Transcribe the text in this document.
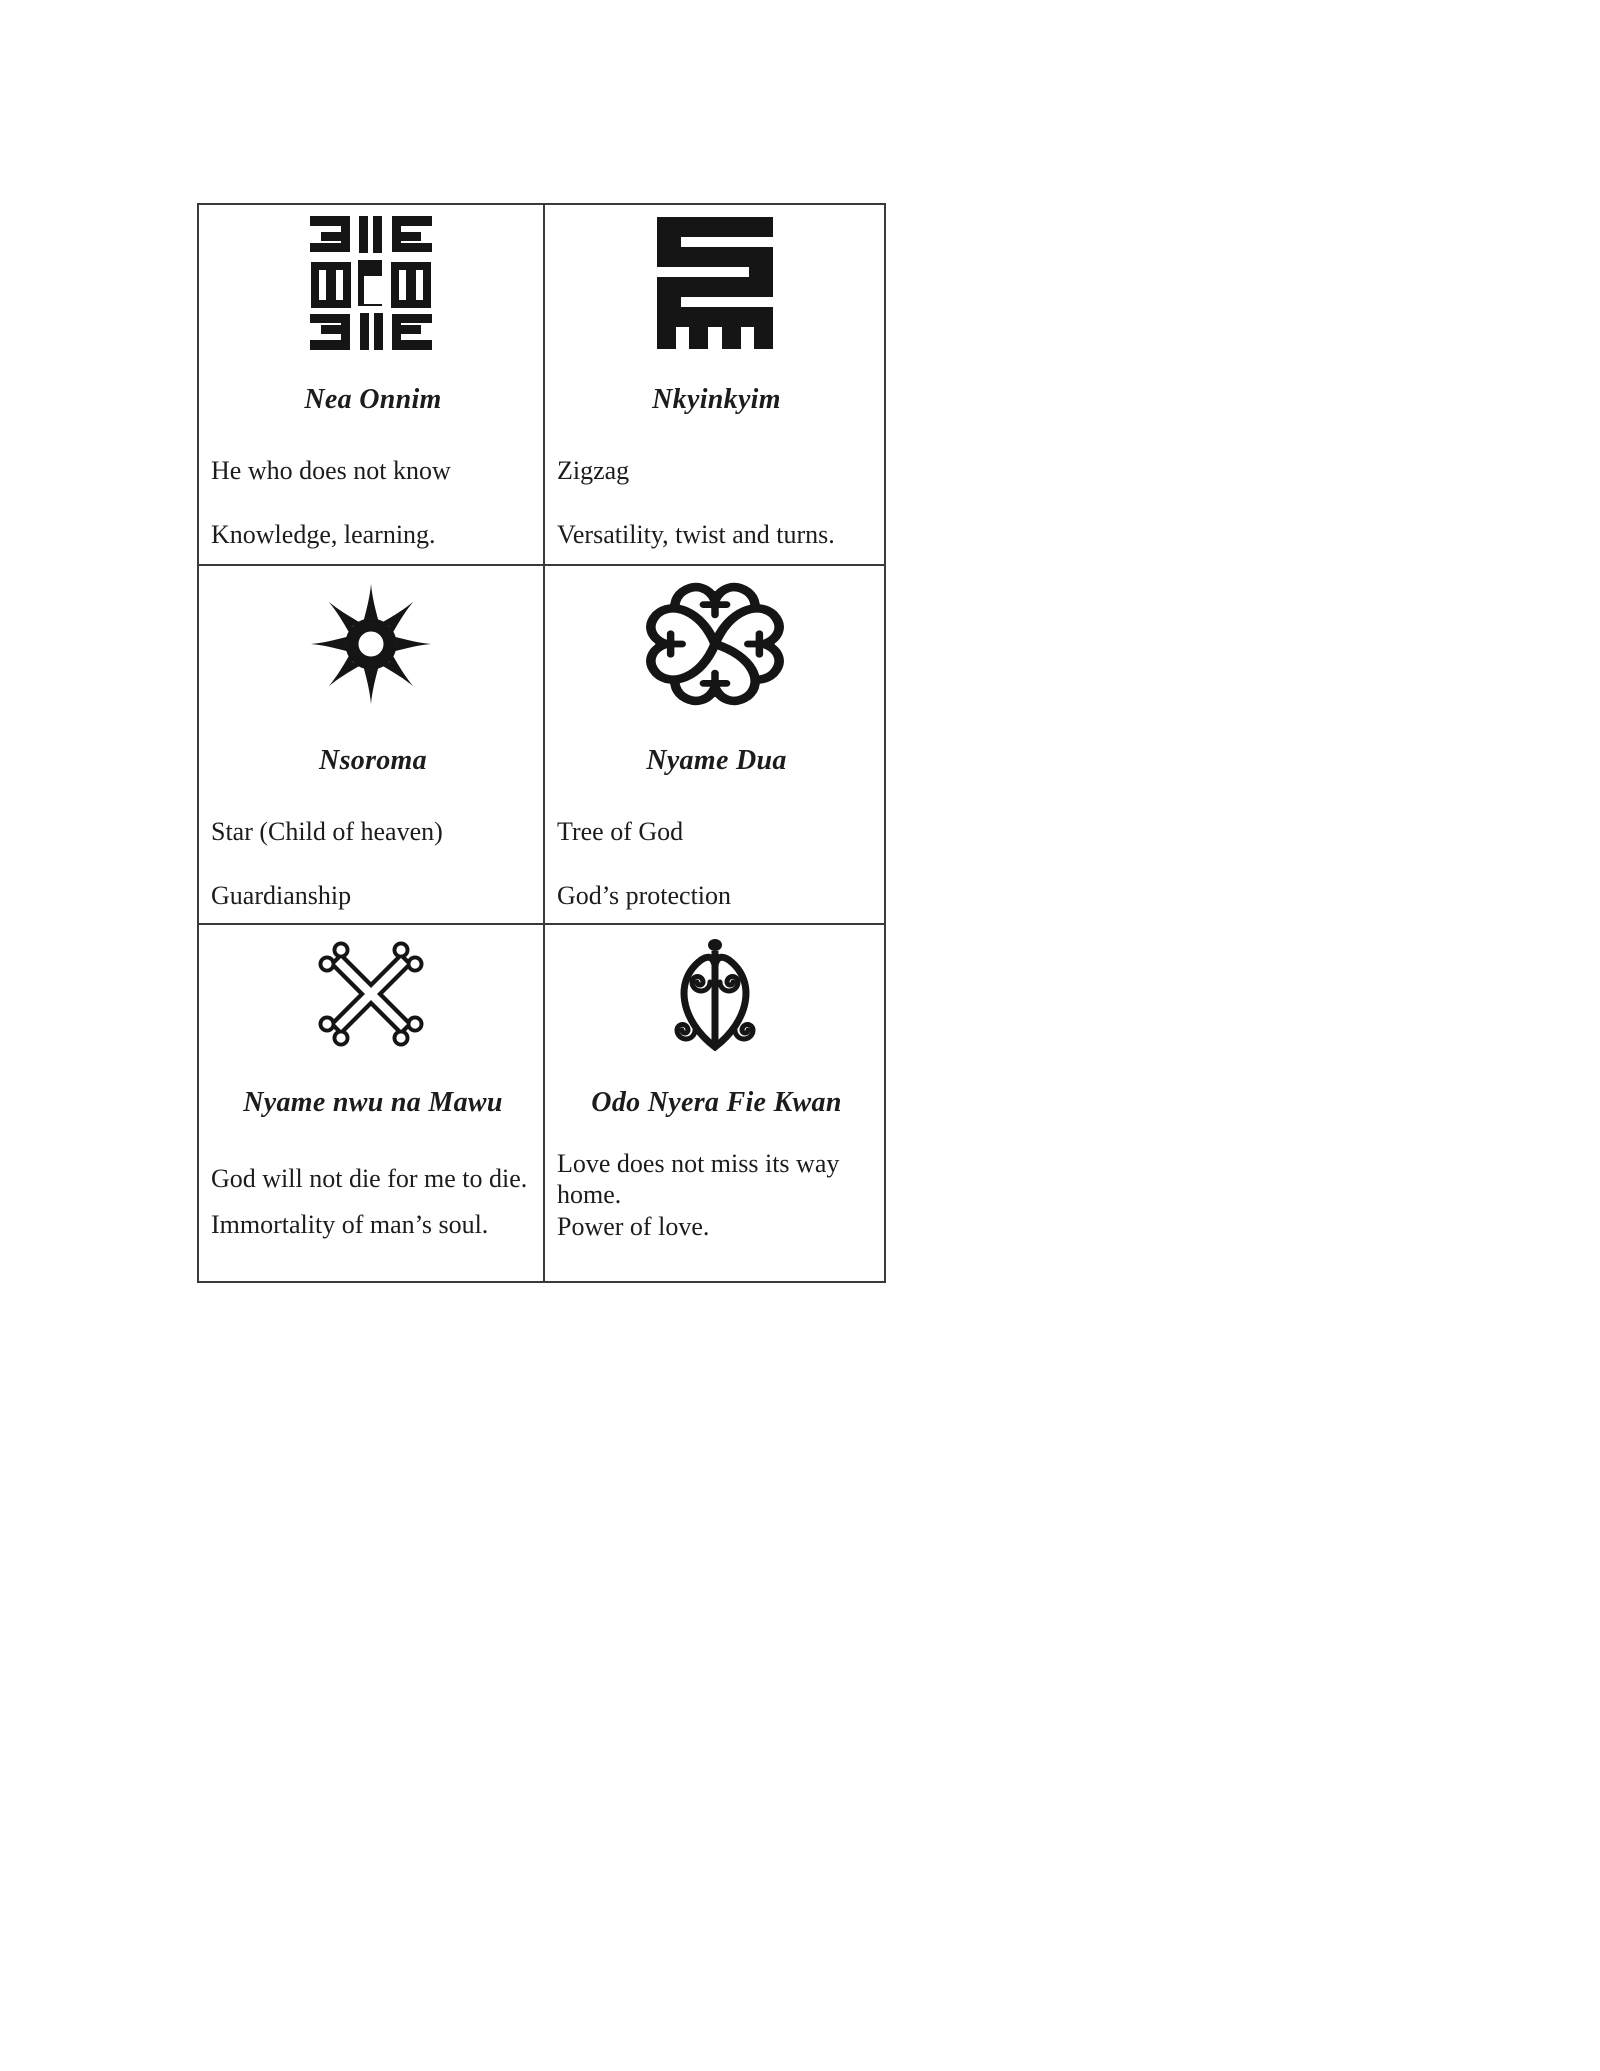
Nea Onnim
He who does not know
Knowledge, learning.
Nkyinkyim
Zigzag
Versatility, twist and turns.
Nsoroma
Star (Child of heaven)
Guardianship
Nyame Dua
Tree of God
God’s protection
Nyame nwu na Mawu
God will not die for me to die. Immortality of man’s soul.
Odo Nyera Fie Kwan
Love does not miss its way home.
Power of love.
